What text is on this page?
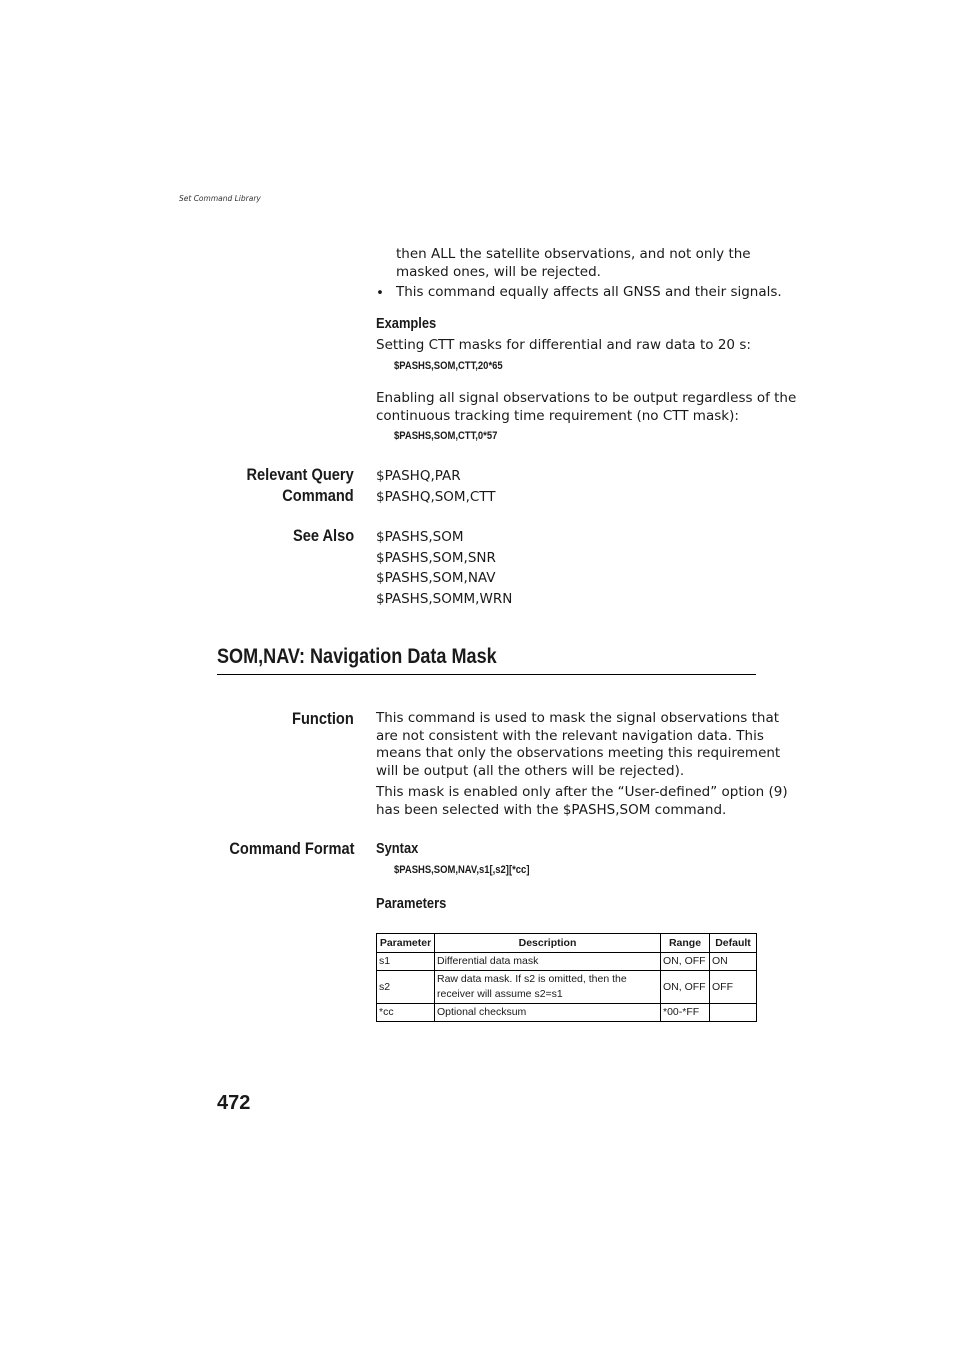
Set Command Library
then ALL the satellite observations, and not only the
masked ones, will be rejected.
• This command equally affects all GNSS and their signals.
Examples
Setting CTT masks for differential and raw data to 20 s:
$PASHS,SOM,CTT,20*65
Enabling all signal observations to be output regardless of the
continuous tracking time requirement (no CTT mask):
$PASHS,SOM,CTT,0*57
Relevant Query
Command
$PASHQ,PAR
$PASHQ,SOM,CTT
See Also $PASHS,SOM
$PASHS,SOM,SNR
$PASHS,SOM,NAV
$PASHS,SOMM,WRN
SOM,NAV: Navigation Data Mask
Function This command is used to mask the signal observations that
are not consistent with the relevant navigation data. This
means that only the observations meeting this requirement
will be output (all the others will be rejected).
This mask is enabled only after the “User-defined” option (9)
has been selected with the $PASHS,SOM command.
Command Format Syntax
$PASHS,SOM,NAV,s1[,s2][*cc]
Parameters
Parameter	Description	Range	Default
s1	Differential data mask	ON, OFF	ON
s2	Raw data mask. If s2 is omitted, then the
receiver will assume s2=s1	ON, OFF	OFF
*cc	Optional checksum	*00-*FF	
472
